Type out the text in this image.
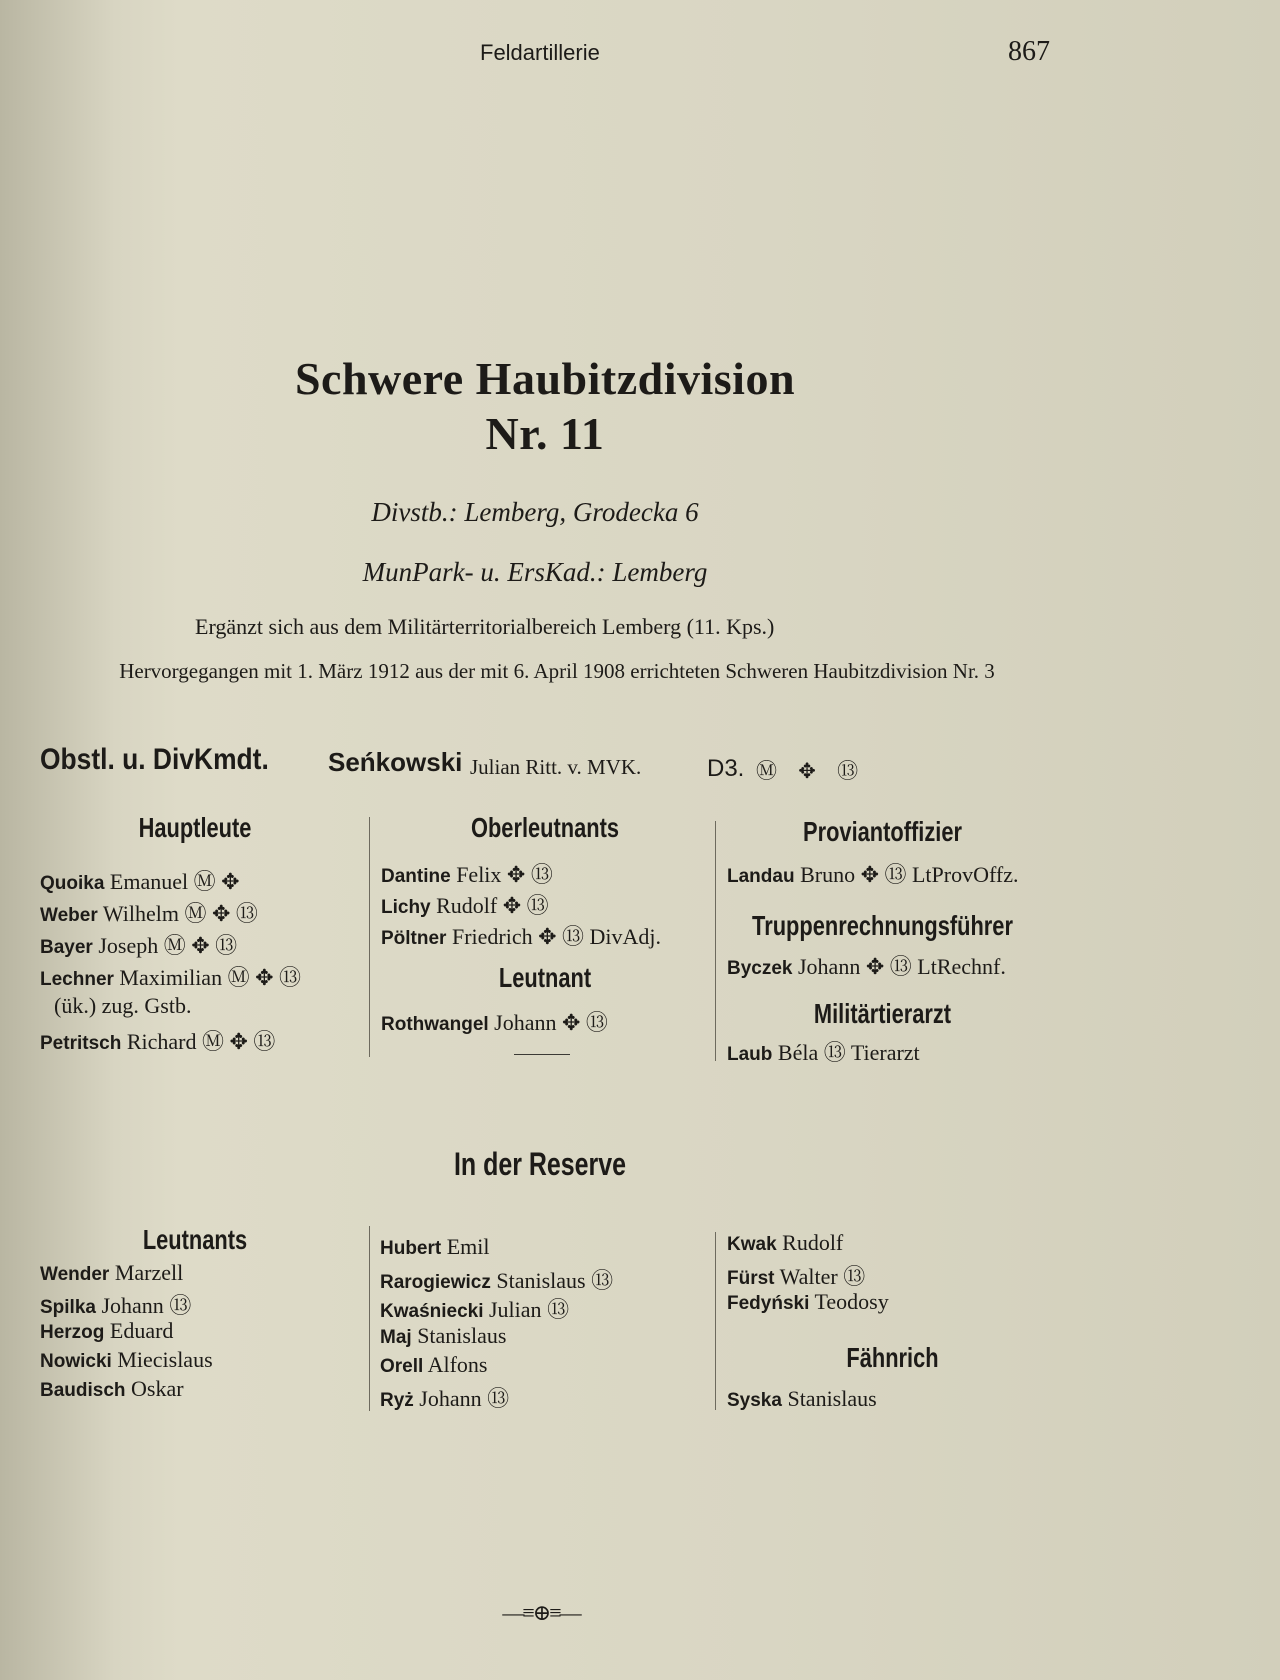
Feldartillerie	867
Schwere Haubitzdivision
Nr. 11
Divstb.: Lemberg, Grodecka 6
MunPark- u. ErsKad.: Lemberg
Ergänzt sich aus dem Militärterritorialbereich Lemberg (11. Kps.)
Hervorgegangen mit 1. März 1912 aus der mit 6. April 1908 errichteten Schweren Haubitzdivision Nr. 3
Obstl. u. DivKmdt. Seńkowski Julian Ritt. v. MVK.	D3. Ⓜ ✥ ⑬
Hauptleute
Quoika Emanuel Ⓜ ✥
Weber Wilhelm Ⓜ ✥ ⑬
Bayer Joseph Ⓜ ✥ ⑬
Lechner Maximilian Ⓜ ✥ ⑬
(ük.) zug. Gstb.
Petritsch Richard Ⓜ ✥ ⑬
Oberleutnants
Dantine Felix ✥ ⑬
Lichy Rudolf ✥ ⑬
Pöltner Friedrich ✥ ⑬ DivAdj.
Leutnant
Rothwangel Johann ✥ ⑬
Proviantoffizier
Landau Bruno ✥ ⑬ LtProvOffz.
Truppenrechnungsführer
Byczek Johann ✥ ⑬ LtRechnf.
Militärtierarzt
Laub Béla ⑬ Tierarzt
In der Reserve
Leutnants
Wender Marzell
Spilka Johann ⑬
Herzog Eduard
Nowicki Miecislaus
Baudisch Oskar
Hubert Emil
Rarogiewicz Stanislaus ⑬
Kwaśniecki Julian ⑬
Maj Stanislaus
Orell Alfons
Ryż Johann ⑬
Kwak Rudolf
Fürst Walter ⑬
Fedyński Teodosy
Fähnrich
Syska Stanislaus
—≡⊕≡—
